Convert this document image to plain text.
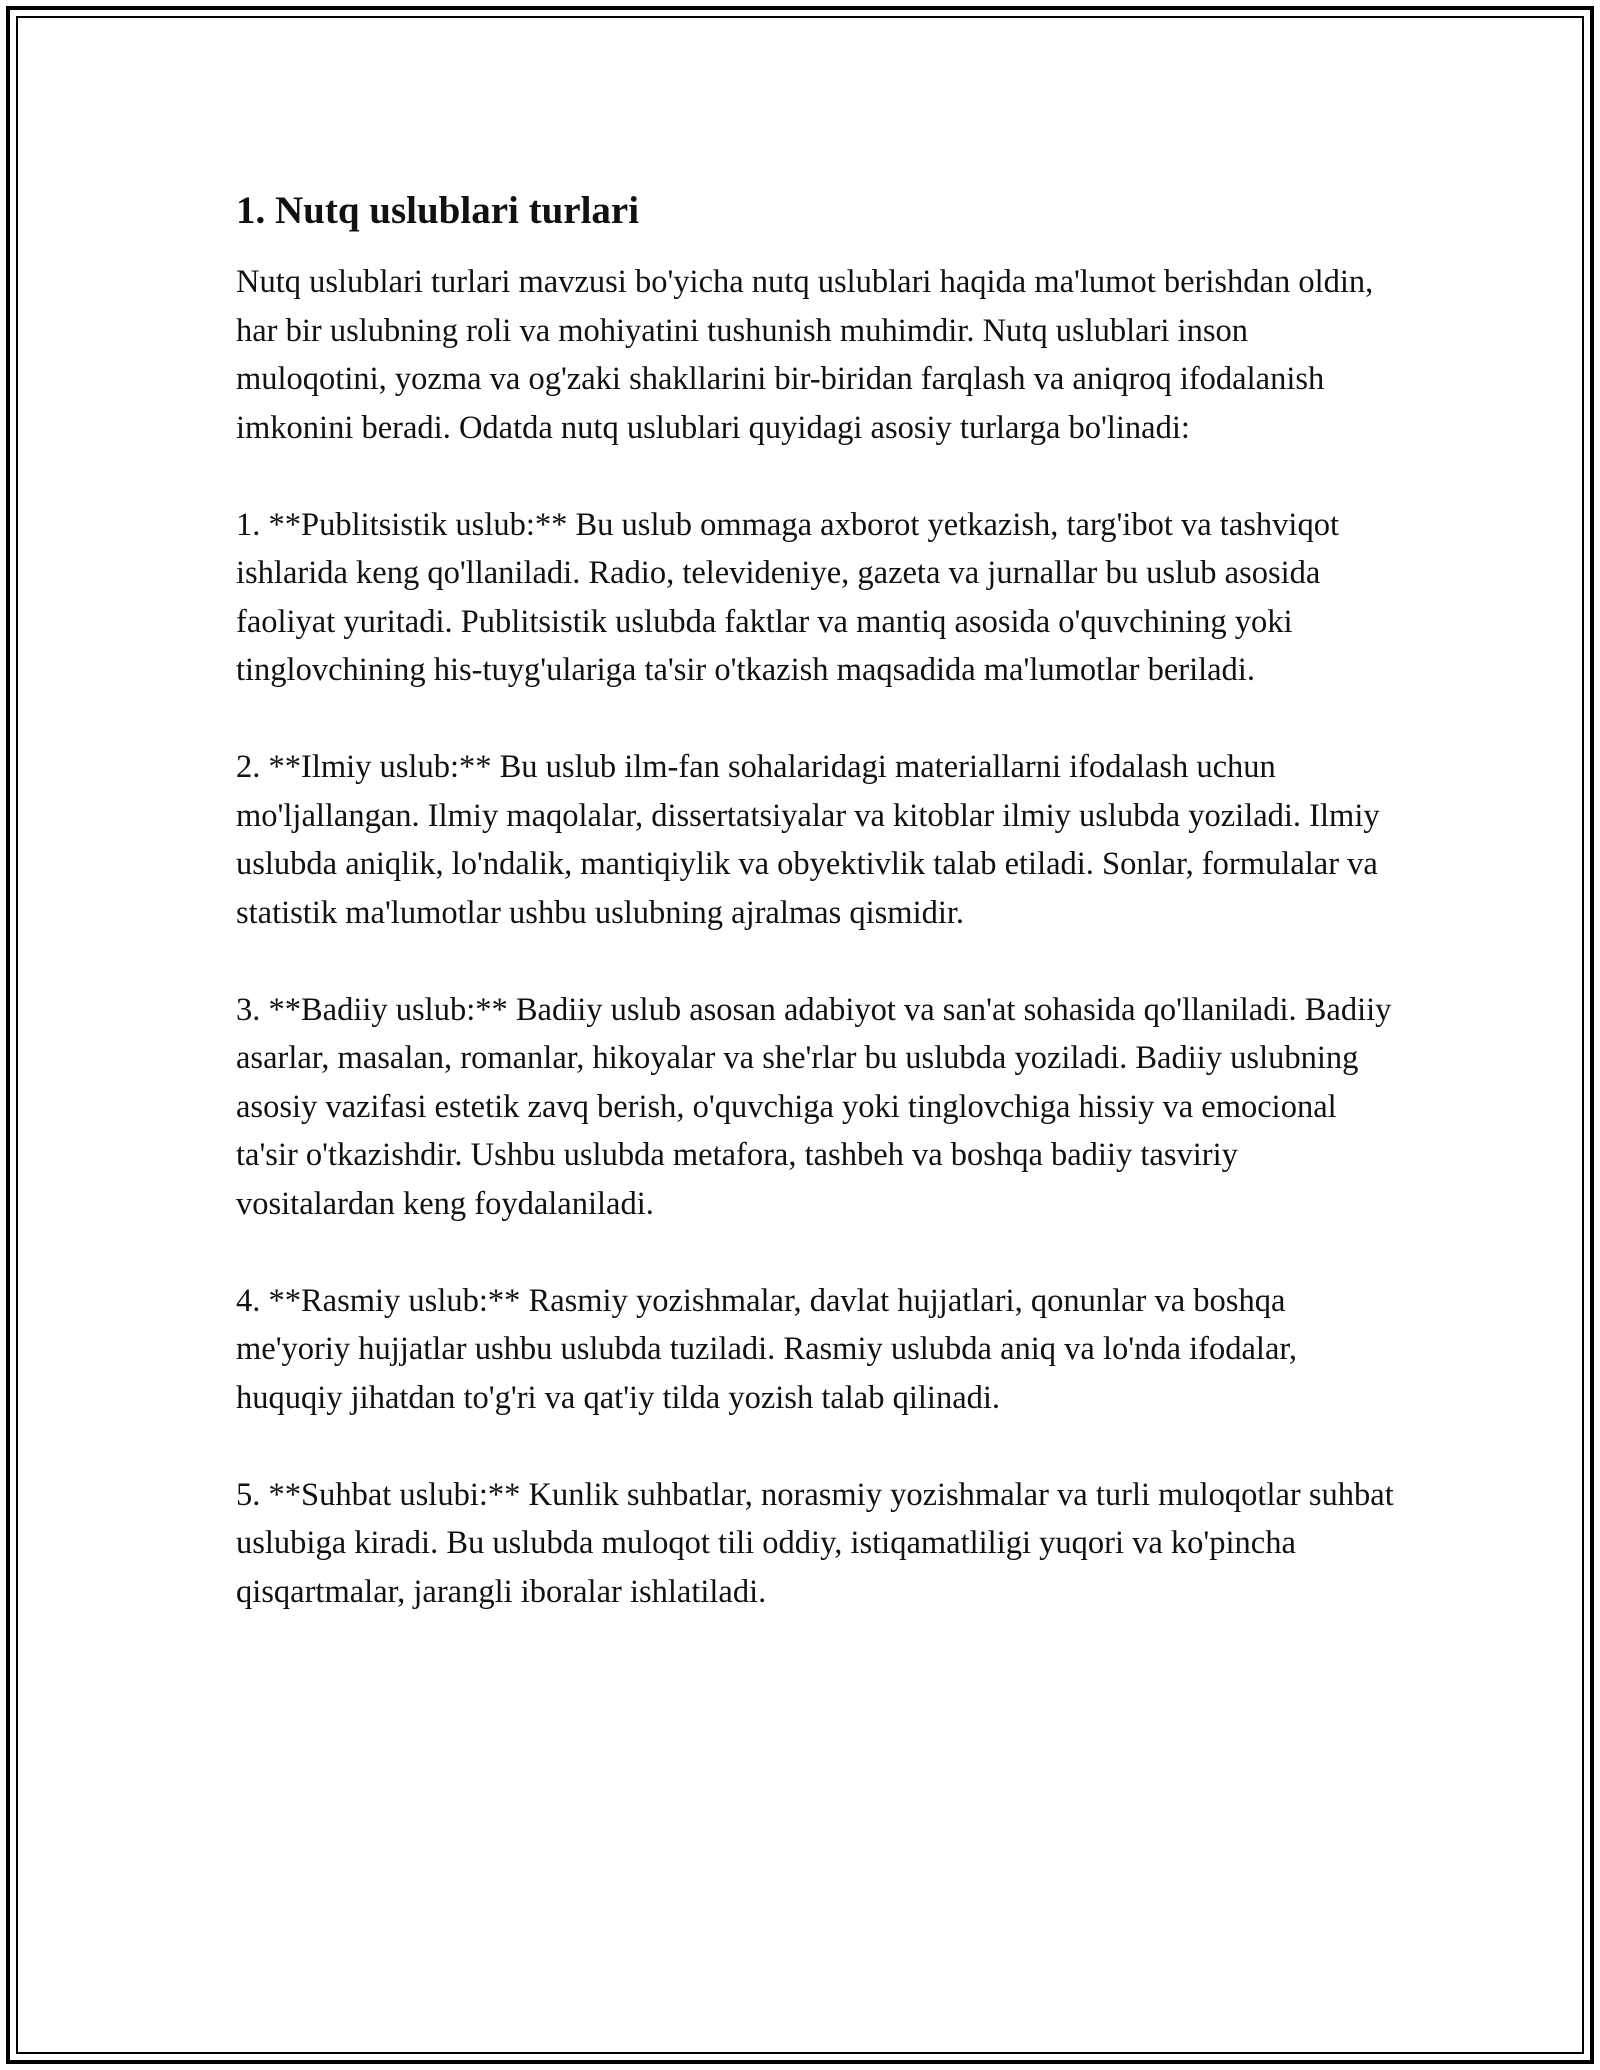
1. Nutq uslublari turlari

Nutq uslublari turlari mavzusi bo'yicha nutq uslublari haqida ma'lumot berishdan oldin, har bir uslubning roli va mohiyatini tushunish muhimdir. Nutq uslublari inson muloqotini, yozma va og'zaki shakllarini bir-biridan farqlash va aniqroq ifodalanish imkonini beradi. Odatda nutq uslublari quyidagi asosiy turlarga bo'linadi:

1. **Publitsistik uslub:** Bu uslub ommaga axborot yetkazish, targ'ibot va tashviqot ishlarida keng qo'llaniladi. Radio, televideniye, gazeta va jurnallar bu uslub asosida faoliyat yuritadi. Publitsistik uslubda faktlar va mantiq asosida o'quvchining yoki tinglovchining his-tuyg'ulariga ta'sir o'tkazish maqsadida ma'lumotlar beriladi.

2. **Ilmiy uslub:** Bu uslub ilm-fan sohalaridagi materiallarni ifodalash uchun mo'ljallangan. Ilmiy maqolalar, dissertatsiyalar va kitoblar ilmiy uslubda yoziladi. Ilmiy uslubda aniqlik, lo'ndalik, mantiqiylik va obyektivlik talab etiladi. Sonlar, formulalar va statistik ma'lumotlar ushbu uslubning ajralmas qismidir.

3. **Badiiy uslub:** Badiiy uslub asosan adabiyot va san'at sohasida qo'llaniladi. Badiiy asarlar, masalan, romanlar, hikoyalar va she'rlar bu uslubda yoziladi. Badiiy uslubning asosiy vazifasi estetik zavq berish, o'quvchiga yoki tinglovchiga hissiy va emocional ta'sir o'tkazishdir. Ushbu uslubda metafora, tashbeh va boshqa badiiy tasviriy vositalardan keng foydalaniladi.

4. **Rasmiy uslub:** Rasmiy yozishmalar, davlat hujjatlari, qonunlar va boshqa me'yoriy hujjatlar ushbu uslubda tuziladi. Rasmiy uslubda aniq va lo'nda ifodalar, huquqiy jihatdan to'g'ri va qat'iy tilda yozish talab qilinadi.

5. **Suhbat uslubi:** Kunlik suhbatlar, norasmiy yozishmalar va turli muloqotlar suhbat uslubiga kiradi. Bu uslubda muloqot tili oddiy, istiqamatliligi yuqori va ko'pincha qisqartmalar, jarangli iboralar ishlatiladi.
